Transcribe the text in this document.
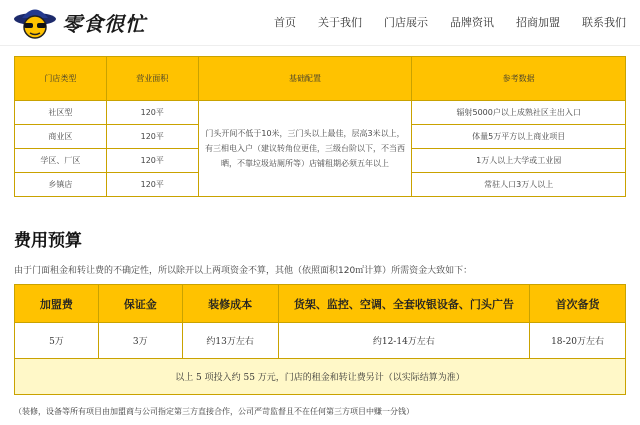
零食很忙	首页 关于我们 门店展示 品牌资讯 招商加盟 联系我们
门店类型	营业面积	基础配置	参考数据
社区型	120平	门头开间不低于10米，三门头以上最佳，层高3米以上，有三相电入户（建议转角位更佳，三级台阶以下，不当西晒，不靠垃圾站厕所等）店铺租期必须五年以上	辐射5000户以上成熟社区主出入口
商业区	120平		体量5万平方以上商业项目
学区、厂区	120平		1万人以上大学或工业园
乡镇店	120平		常驻人口3万人以上
费用预算
由于门面租金和转让费的不确定性，所以除开以上两项资金不算，其他（依照面积120㎡计算）所需资金大致如下：
加盟费	保证金	装修成本	货架、监控、空调、全套收银设备、门头广告	首次备货
5万	3万	约13万左右	约12-14万左右	18-20万左右
以上 5 项投入约 55 万元，门店的租金和转让费另计（以实际结算为准）				
（装修，设备等所有项目由加盟商与公司指定第三方直接合作，公司严苛监督且不在任何第三方项目中赚一分钱）
